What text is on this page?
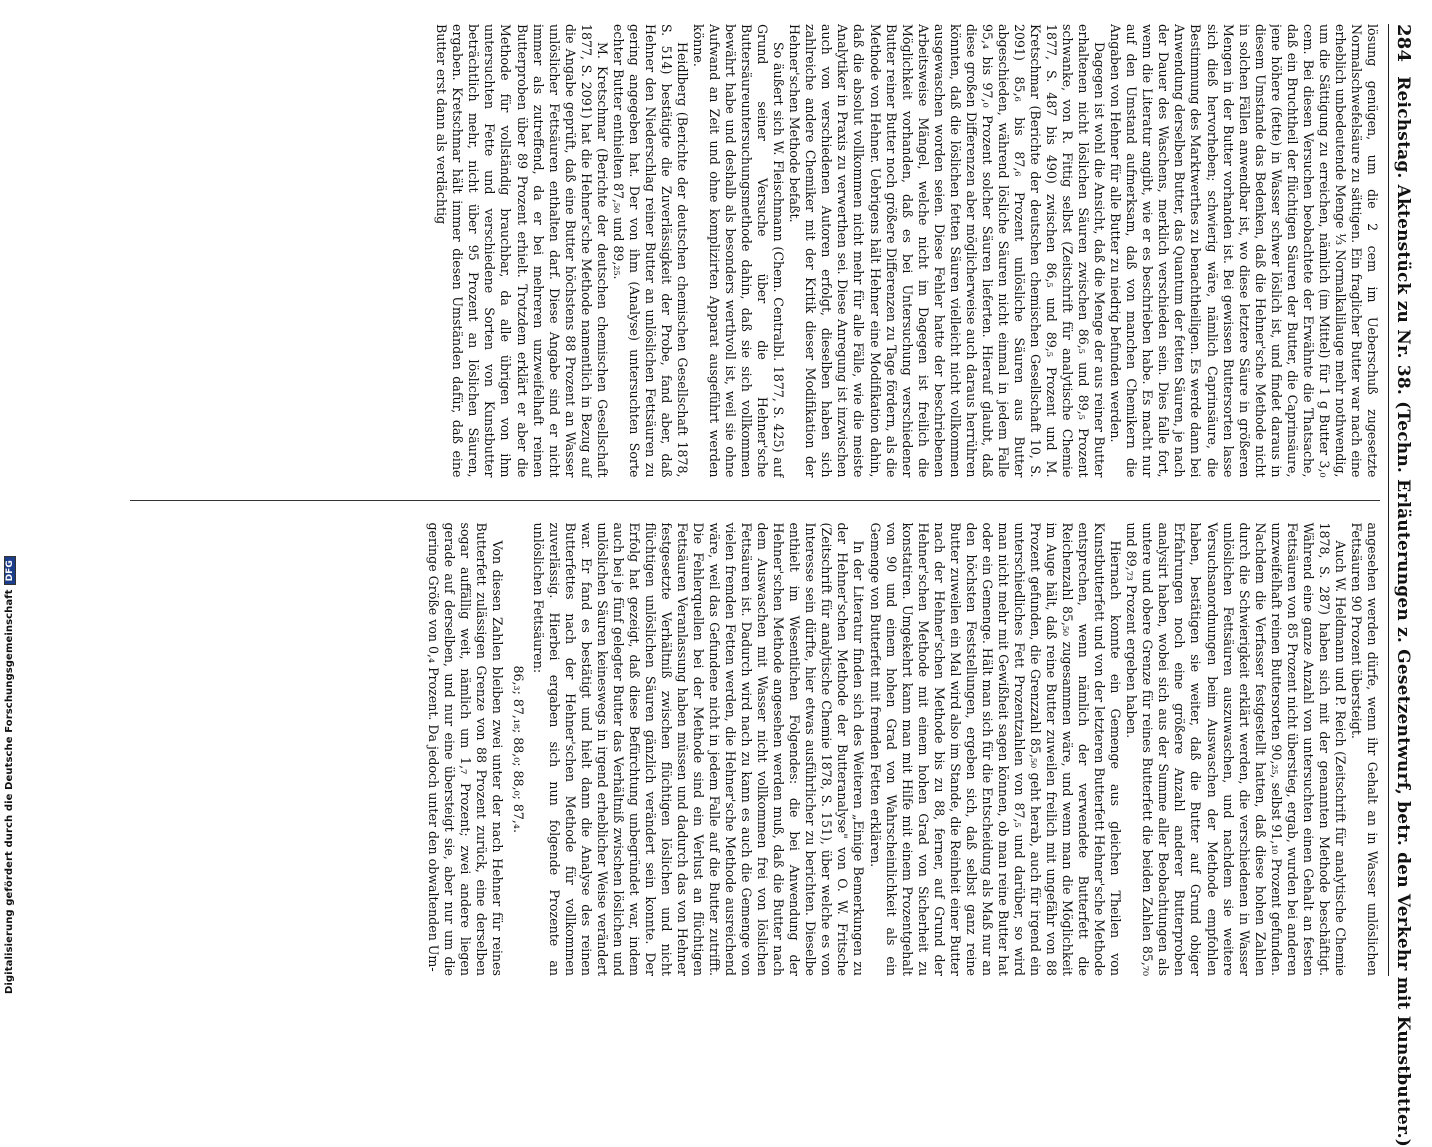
Digitalisierung gefördert durch die Deutsche ForschungsgemeinschaftDFG
284
Reichstag. Aktenstück zu Nr. 38. (Techn. Erläuterungen z. Gesetzentwurf, betr. den Verkehr mit Kunstbutter.)

lösung genügen, um die 2 cem im Ueberschuß zugesetzte Normalschwefelsäure zu sättigen. Ein fraglicher Butter war nach eine erheblich unbedeutende Menge ⅓ Normalkalilauge mehr nothwendig, um die Sättigung zu erreichen, nämlich (im Mittel) für 1 g Butter 3,₀ cem. Bei diesen Versuchen beobachtete der Erwähnte die Thatsache, daß ein Bruchtheil der flüchtigen Säuren der Butter, die Caprinsäure, jene höhere (fette) in Wasser schwer löslich ist, und findet daraus in diesem Umstande das Bedenken, daß die Hehner'sche Methode nicht in solchen Fällen anwendbar ist, wo diese letztere Säure in größeren Mengen in der Butter vorhanden ist. Bei gewissen Buttersorten lasse sich dieß hervorheben; schwierig wäre, nämlich Caprinsäure, die Bestimmung des Marktwerthes zu benachtheiligen. Es werde dann bei Anwendung derselben Butter, das Quantum der fetten Säuren, je nach der Dauer des Waschens, merklich verschieden sein. Dies falle fort, wenn die Literatur angibt, wie er es beschrieben habe. Es macht nur auf den Umstand aufmerksam, daß von manchen Chemikern die Angaben von Hehner für alle Butter zu niedrig befunden werden.

Dagegen ist wohl die Ansicht, daß die Menge der aus reiner Butter erhaltenen nicht löslichen Säuren zwischen 86,₅ und 89,₅ Prozent schwanke, von R. Fittig selbst (Zeitschrift für analytische Chemie 1877, S. 487 bis 490) zwischen 86,₅ und 89,₅ Prozent und M. Kretschmar (Berichte der deutschen chemischen Gesellschaft 10, S. 2091) 85,₆ bis 87,₆ Prozent unlösliche Säuren aus Butter abgeschieden, während lösliche Säuren nicht einmal in jedem Falle 95,₄ bis 97,₀ Prozent solcher Säuren lieferten. Hierauf glaubt, daß diese großen Differenzen aber möglicherweise auch daraus herrühren könnten, daß die löslichen fetten Säuren vielleicht nicht vollkommen ausgewaschen worden seien. Diese Fehler hatte der beschriebenen Arbeitsweise Mängel, welche nicht im Dagegen ist freilich die Möglichkeit vorhanden, daß es bei Untersuchung verschiedener Butter reiner Butter noch größere Differenzen zu Tage fördern, als die Methode von Hehner. Uebrigens hält Hehner eine Modifikation dahin, daß die absolut vollkommen nicht mehr für alle Fälle, wie die meiste Analytiker in Praxis zu verwerthen sei. Diese Anregung ist inzwischen auch von verschiedenen Autoren erfolgt, dieselben haben sich zahlreiche andere Chemiker mit der Kritik dieser Modifikation der Hehner'schen Methode befaßt.

So äußert sich W. Fleischmann (Chem. Centralbl. 1877, S. 425) auf Grund seiner Versuche über die Hehner'sche Buttersäureuntersuchungsmethode dahin, daß sie sich vollkommen bewährt habe und deshalb als besonders werthvoll ist, weil sie ohne Aufwand an Zeit und ohne komplizirten Apparat ausgeführt werden könne.

Heidlberg (Berichte der deutschen chemischen Gesellschaft 1878, S. 514) bestätigte die Zuverlässigkeit der Probe, fand aber, daß Hehner den Niederschlag reiner Butter an unlöslichen Fettsäuren zu gering angegeben hat. Der von ihm (Analyse) untersuchten Sorte echter Butter enthielten 87,₅₀ und 89,₂₅.

M. Kretschmar (Berichte der deutschen chemischen Gesellschaft 1877, S. 2091) hat die Hehner'sche Methode namentlich in Bezug auf die Angabe geprüft, daß eine Butter höchstens 88 Prozent an Wasser unlöslicher Fettsäuren enthalten darf. Diese Angabe sind er nicht immer als zutreffend, da er bei mehreren unzweifelhaft reinen Butterproben über 89 Prozent erhielt. Trotzdem erklärt er aber die Methode für vollständig brauchbar, da alle übrigen von ihm untersuchten Fette und verschiedene Sorten von Kunstbutter beträchtlich mehr, nicht über 95 Prozent an löslichen Säuren, ergaben. Kretschmar hält immer diesen Umständen dafür, daß eine Butter erst dann als verdächtig

angesehen werden dürfe, wenn ihr Gehalt an in Wasser unlöslichen Fettsäuren 90 Prozent übersteigt.

Auch W. Heldmann und P. Reich (Zeitschrift für analytische Chemie 1878, S. 287) haben sich mit der genannten Methode beschäftigt. Während eine ganze Anzahl von untersuchten einen Gehalt an festen Fettsäuren von 85 Prozent nicht überstieg, ergab, wurden bei anderen unzweifelhaft reinen Buttersorten 90,₂₅, selbst 91,₁₀ Prozent gefunden. Nachdem die Verfasser festgestellt hatten, daß diese hohen Zahlen durch die Schwierigkeit erklärt werden, die verschiedenen in Wasser unlöslichen Fettsäuren auszuwaschen, und nachdem sie weitere Versuchsanordnungen beim Auswaschen der Methode empfohlen haben, bestätigen sie weiter, daß die Butter auf Grund obiger Erfahrungen noch eine größere Anzahl anderer Butterproben analysirt haben, wobei sich aus der Summe aller Beobachtungen als untere und obere Grenze für reines Butterfett die beiden Zahlen 85,₇₀ und 89,₇₃ Prozent ergeben haben.

Hiernach konnte ein Gemenge aus gleichen Theilen von Kunstbutterfett und von der letzteren Butterfett Hehner'sche Methode entsprechen, wenn nämlich der verwendete Butterfett die Reichenzahl 85,₅₀ zugesammen wäre, und wenn man die Möglichkeit im Auge hält, daß reine Butter zuweilen freilich mit ungefähr von 88 Prozent gefunden, die Grenzzahl 85,₅₀ geht herab, auch für irgend ein unterschiedliches Fett Prozentzahlen von 87,₅ und darüber, so wird man nicht mehr mit Gewißheit sagen können, ob man reine Butter hat oder ein Gemenge. Hält man sich für die Entscheidung als Maß nur an den höchsten Feststellungen, ergeben sich, daß selbst ganz reine Butter zuweilen ein Mal wird also im Stande, die Reinheit einer Butter nach der Hehner'schen Methode bis zu 88, ferner, auf Grund der Hehner'schen Methode mit einem hohen Grad von Sicherheit zu konstatiren. Umgekehrt kann man mit Hilfe mit einem Prozentgehalt von 90 und einem hohen Grad von Wahrscheinlichkeit als ein Gemenge von Butterfett mit fremden Fetten erklären.

In der Literatur finden sich des Weiteren „Einige Bemerkungen zu der Hehner'schen Methode der Butteranalyse" von O. W. Fritsche (Zeitschrift für analytische Chemie 1878, S. 151), über welche es von Interesse sein dürfte, hier etwas ausführlicher zu berichten. Dieselbe enthielt im Wesentlichen Folgendes: die bei Anwendung der Hehner'schen Methode angesehen werden muß, daß die Butter nach dem Auswaschen mit Wasser nicht vollkommen frei von löslichen Fettsäuren ist. Dadurch wird nach zu kann es auch die Gemenge von vielen fremden Fetten werden, die Hehner'sche Methode ausreichend wäre, weil das Gefundene nicht in jedem Falle auf die Butter zutrifft. Die Fehlerquellen bei der Methode sind ein Verlust an flüchtigen Fettsäuren Veranlassung haben müssen und dadurch das von Hehner festgesetzte Verhältniß zwischen flüchtigen löslichen und nicht flüchtigen unlöslichen Säuren gänzlich verändert sein konnte. Der Erfolg hat gezeigt, daß diese Befürchtung unbegründet war, indem auch bei je fünf gelegter Butter das Verhältniß zwischen löslichen und unlöslichen Säuren keineswegs in irgend erheblicher Weise verändert war. Er fand es bestätigt und hielt dann die Analyse des reinen Butterfettes nach der Hehner'schen Methode für vollkommen zuverlässig. Hierbei ergaben sich nun folgende Prozente an unlöslichen Fettsäuren:

86,₃; 87,₁₈; 88,₀; 88,₀; 87,₄.

Von diesen Zahlen bleiben zwei unter der nach Hehner für reines Butterfett zulässigen Grenze von 88 Prozent zurück, eine derselben sogar auffällig weit, nämlich um 1,₇ Prozent; zwei andere liegen gerade auf derselben, und nur eine übersteigt sie, aber nur um die geringe Größe von 0,₄ Prozent. Da jedoch unter den obwaltenden Um-
